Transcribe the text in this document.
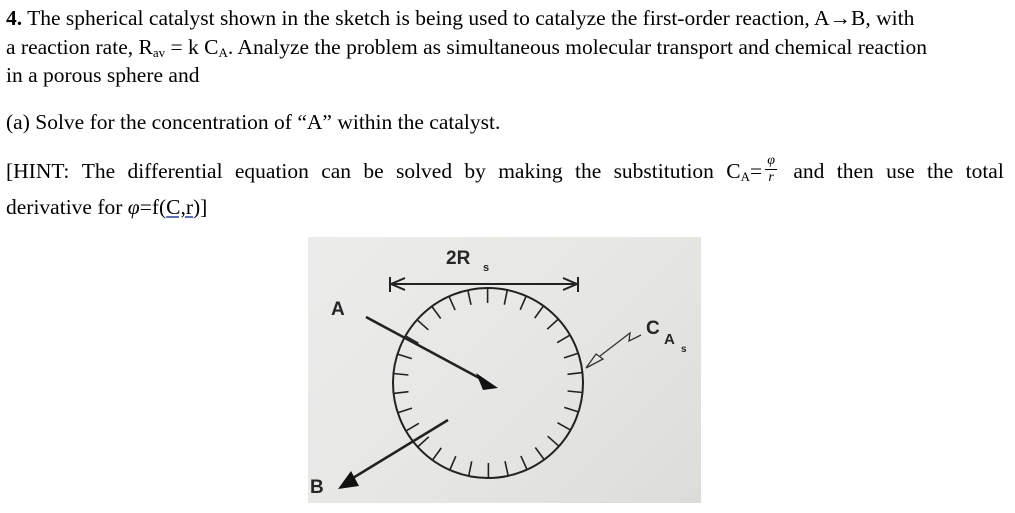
4. The spherical catalyst shown in the sketch is being used to catalyze the first-order reaction, A→B, with
a reaction rate, $R_{av} = k$ $C_A$. Analyze the problem as simultaneous molecular transport and chemical reaction
in a porous sphere and
(a) Solve for the concentration of “A” within the catalyst.
[HINT: The differential equation can be solved by making the substitution $C_A= \frac{\varphi}{r}$ and then use the total
derivative for φ=f(C,r)]
2R s
A
B
C
A
s
